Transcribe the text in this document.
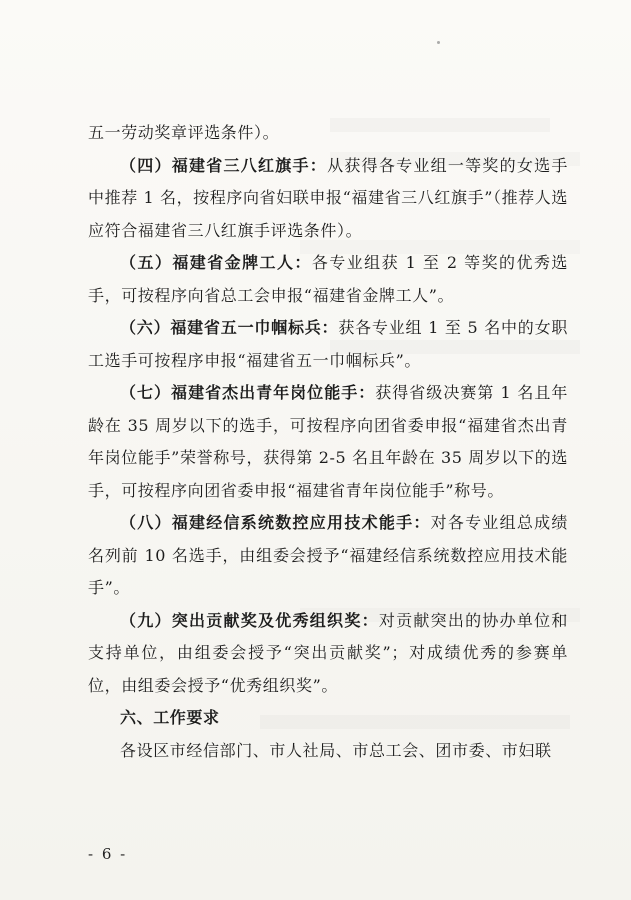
五一劳动奖章评选条件）。

（四）福建省三八红旗手：从获得各专业组一等奖的女选手中推荐 1 名，按程序向省妇联申报“福建省三八红旗手”（推荐人选应符合福建省三八红旗手评选条件）。

（五）福建省金牌工人：各专业组获 1 至 2 等奖的优秀选手，可按程序向省总工会申报“福建省金牌工人”。

（六）福建省五一巾帼标兵：获各专业组 1 至 5 名中的女职工选手可按程序申报“福建省五一巾帼标兵”。

（七）福建省杰出青年岗位能手：获得省级决赛第 1 名且年龄在 35 周岁以下的选手，可按程序向团省委申报“福建省杰出青年岗位能手”荣誉称号，获得第 2-5 名且年龄在 35 周岁以下的选手，可按程序向团省委申报“福建省青年岗位能手”称号。

（八）福建经信系统数控应用技术能手：对各专业组总成绩名列前 10 名选手，由组委会授予“福建经信系统数控应用技术能手”。

（九）突出贡献奖及优秀组织奖：对贡献突出的协办单位和支持单位，由组委会授予“突出贡献奖”；对成绩优秀的参赛单位，由组委会授予“优秀组织奖”。

六、工作要求

各设区市经信部门、市人社局、市总工会、团市委、市妇联

- 6 -
